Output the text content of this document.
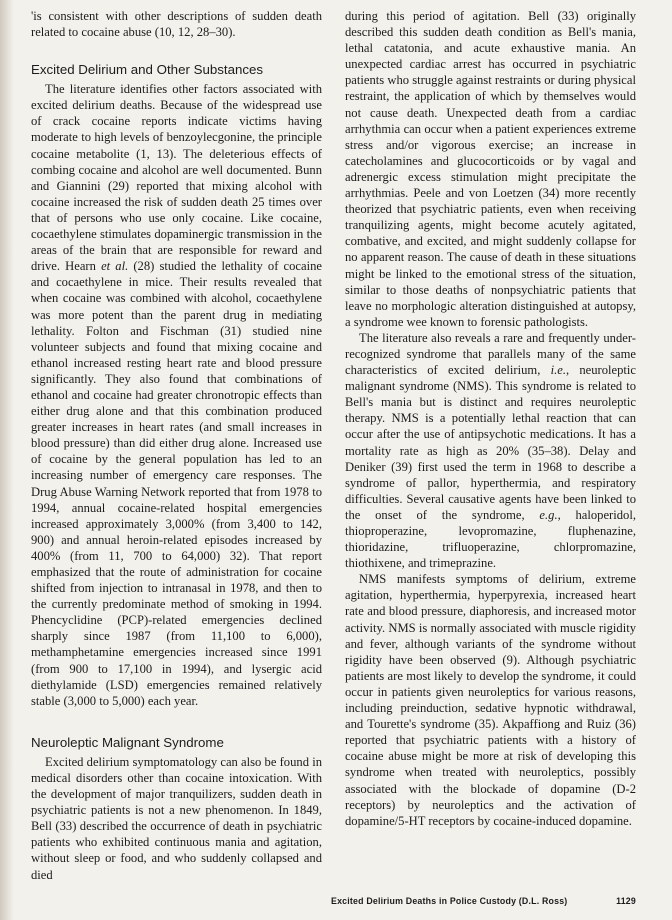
'is consistent with other descriptions of sudden death related to cocaine abuse (10, 12, 28–30).

Excited Delirium and Other Substances

The literature identifies other factors associated with excited delirium deaths. Because of the widespread use of crack cocaine reports indicate victims having moderate to high levels of benzoylecgonine, the principle cocaine metabolite (1, 13). The deleterious effects of combing cocaine and alcohol are well documented. Bunn and Giannini (29) reported that mixing alcohol with cocaine increased the risk of sudden death 25 times over that of persons who use only cocaine. Like cocaine, cocaethylene stimulates dopaminergic transmission in the areas of the brain that are responsible for reward and drive. Hearn et al. (28) studied the lethality of cocaine and cocaethylene in mice. Their results revealed that when cocaine was combined with alcohol, cocaethylene was more potent than the parent drug in mediating lethality. Folton and Fischman (31) studied nine volunteer subjects and found that mixing cocaine and ethanol increased resting heart rate and blood pressure significantly. They also found that combinations of ethanol and cocaine had greater chronotropic effects than either drug alone and that this combination produced greater increases in heart rates (and small increases in blood pressure) than did either drug alone. Increased use of cocaine by the general population has led to an increasing number of emergency care responses. The Drug Abuse Warning Network reported that from 1978 to 1994, annual cocaine-related hospital emergencies increased approximately 3,000% (from 3,400 to 142, 900) and annual heroin-related episodes increased by 400% (from 11, 700 to 64,000) 32). That report emphasized that the route of administration for cocaine shifted from injection to intranasal in 1978, and then to the currently predominate method of smoking in 1994. Phencyclidine (PCP)-related emergencies declined sharply since 1987 (from 11,100 to 6,000), methamphetamine emergencies increased since 1991 (from 900 to 17,100 in 1994), and lysergic acid diethylamide (LSD) emergencies remained relatively stable (3,000 to 5,000) each year.

Neuroleptic Malignant Syndrome

Excited delirium symptomatology can also be found in medical disorders other than cocaine intoxication. With the development of major tranquilizers, sudden death in psychiatric patients is not a new phenomenon. In 1849, Bell (33) described the occurrence of death in psychiatric patients who exhibited continuous mania and agitation, without sleep or food, and who suddenly collapsed and died

during this period of agitation. Bell (33) originally described this sudden death condition as Bell's mania, lethal catatonia, and acute exhaustive mania. An unexpected cardiac arrest has occurred in psychiatric patients who struggle against restraints or during physical restraint, the application of which by themselves would not cause death. Unexpected death from a cardiac arrhythmia can occur when a patient experiences extreme stress and/or vigorous exercise; an increase in catecholamines and glucocorticoids or by vagal and adrenergic excess stimulation might precipitate the arrhythmias. Peele and von Loetzen (34) more recently theorized that psychiatric patients, even when receiving tranquilizing agents, might become acutely agitated, combative, and excited, and might suddenly collapse for no apparent reason. The cause of death in these situations might be linked to the emotional stress of the situation, similar to those deaths of nonpsychiatric patients that leave no morphologic alteration distinguished at autopsy, a syndrome wee known to forensic pathologists.

The literature also reveals a rare and frequently under-recognized syndrome that parallels many of the same characteristics of excited delirium, i.e., neuroleptic malignant syndrome (NMS). This syndrome is related to Bell's mania but is distinct and requires neuroleptic therapy. NMS is a potentially lethal reaction that can occur after the use of antipsychotic medications. It has a mortality rate as high as 20% (35–38). Delay and Deniker (39) first used the term in 1968 to describe a syndrome of pallor, hyperthermia, and respiratory difficulties. Several causative agents have been linked to the onset of the syndrome, e.g., haloperidol, thioproperazine, levopromazine, fluphenazine, thioridazine, trifluoperazine, chlorpromazine, thiothixene, and trimeprazine.

NMS manifests symptoms of delirium, extreme agitation, hyperthermia, hyperpyrexia, increased heart rate and blood pressure, diaphoresis, and increased motor activity. NMS is normally associated with muscle rigidity and fever, although variants of the syndrome without rigidity have been observed (9). Although psychiatric patients are most likely to develop the syndrome, it could occur in patients given neuroleptics for various reasons, including preinduction, sedative hypnotic withdrawal, and Tourette's syndrome (35). Akpaffiong and Ruiz (36) reported that psychiatric patients with a history of cocaine abuse might be more at risk of developing this syndrome when treated with neuroleptics, possibly associated with the blockade of dopamine (D-2 receptors) by neuroleptics and the activation of dopamine/5-HT receptors by cocaine-induced dopamine.

Excited Delirium Deaths in Police Custody (D.L. Ross)	1129
